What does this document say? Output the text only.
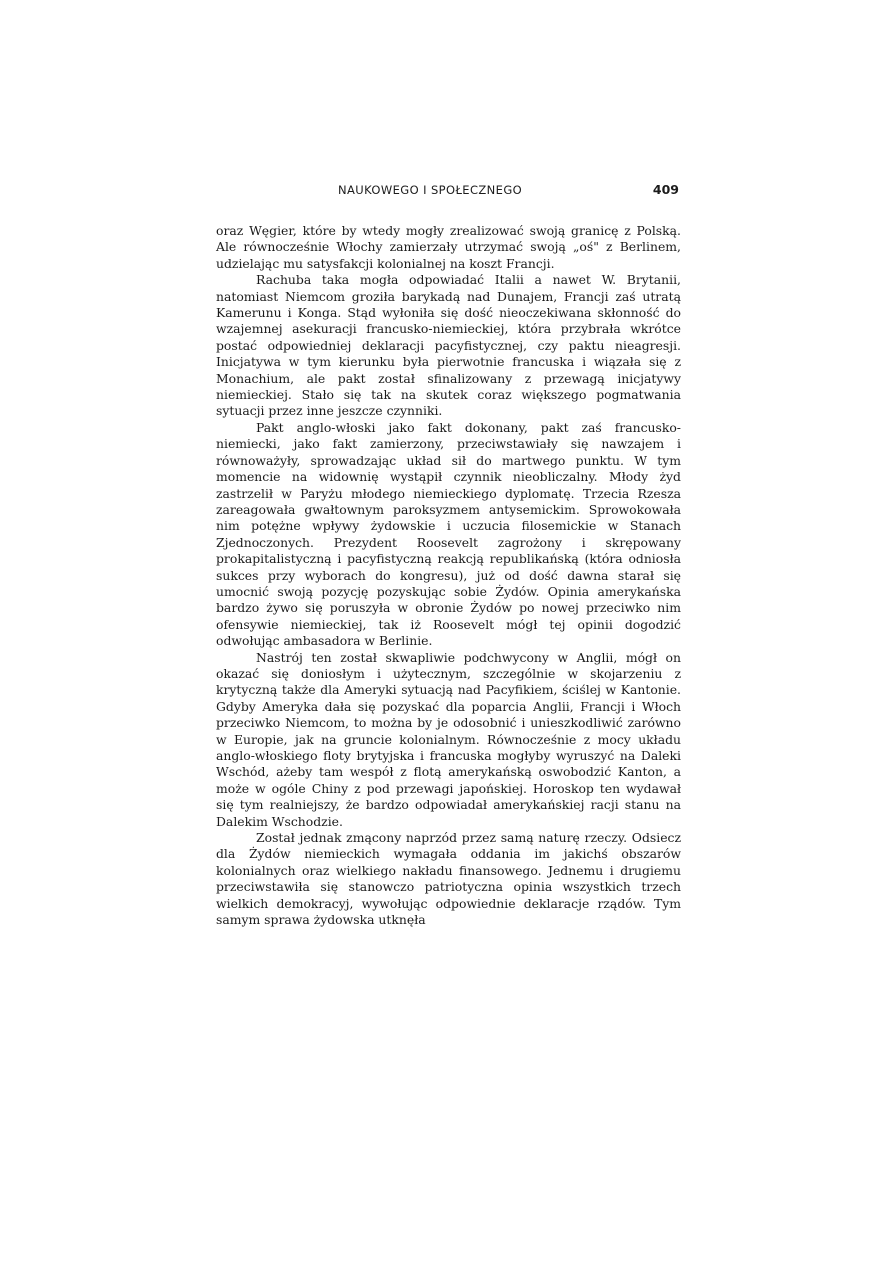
NAUKOWEGO I SPOŁECZNEGO	409

oraz Węgier, które by wtedy mogły zrealizować swoją granicę z Polską. Ale równocześnie Włochy zamierzały utrzymać swoją „oś" z Berlinem, udzielając mu satysfakcji kolonialnej na koszt Francji.

Rachuba taka mogła odpowiadać Italii a nawet W. Brytanii, natomiast Niemcom groziła barykadą nad Dunajem, Francji zaś utratą Kamerunu i Konga. Stąd wyłoniła się dość nieoczekiwana skłonność do wzajemnej asekuracji francusko-niemieckiej, która przybrała wkrótce postać odpowiedniej deklaracji pacyfistycznej, czy paktu nieagresji. Inicjatywa w tym kierunku była pierwotnie francuska i wiązała się z Monachium, ale pakt został sfinalizowany z przewagą inicjatywy niemieckiej. Stało się tak na skutek coraz większego pogmatwania sytuacji przez inne jeszcze czynniki.

Pakt anglo-włoski jako fakt dokonany, pakt zaś francusko-niemiecki, jako fakt zamierzony, przeciwstawiały się nawzajem i równoważyły, sprowadzając układ sił do martwego punktu. W tym momencie na widownię wystąpił czynnik nieobliczalny. Młody żyd zastrzelił w Paryżu młodego niemieckiego dyplomatę. Trzecia Rzesza zareagowała gwałtownym paroksyzmem antysemickim. Sprowokowała nim potężne wpływy żydowskie i uczucia filosemickie w Stanach Zjednoczonych. Prezydent Roosevelt zagrożony i skrępowany prokapitalistyczną i pacyfistyczną reakcją republikańską (która odniosła sukces przy wyborach do kongresu), już od dość dawna starał się umocnić swoją pozycję pozyskując sobie Żydów. Opinia amerykańska bardzo żywo się poruszyła w obronie Żydów po nowej przeciwko nim ofensywie niemieckiej, tak iż Roosevelt mógł tej opinii dogodzić odwołując ambasadora w Berlinie.

Nastrój ten został skwapliwie podchwycony w Anglii, mógł on okazać się doniosłym i użytecznym, szczególnie w skojarzeniu z krytyczną także dla Ameryki sytuacją nad Pacyfikiem, ściślej w Kantonie. Gdyby Ameryka dała się pozyskać dla poparcia Anglii, Francji i Włoch przeciwko Niemcom, to można by je odosobnić i unieszkodliwić zarówno w Europie, jak na gruncie kolonialnym. Równocześnie z mocy układu anglo-włoskiego floty brytyjska i francuska mogłyby wyruszyć na Daleki Wschód, ażeby tam wespół z flotą amerykańską oswobodzić Kanton, a może w ogóle Chiny z pod przewagi japońskiej. Horoskop ten wydawał się tym realniejszy, że bardzo odpowiadał amerykańskiej racji stanu na Dalekim Wschodzie.

Został jednak zmącony naprzód przez samą naturę rzeczy. Odsiecz dla Żydów niemieckich wymagała oddania im jakichś obszarów kolonialnych oraz wielkiego nakładu finansowego. Jednemu i drugiemu przeciwstawiła się stanowczo patriotyczna opinia wszystkich trzech wielkich demokracyj, wywołując odpowiednie deklaracje rządów. Tym samym sprawa żydowska utknęła
